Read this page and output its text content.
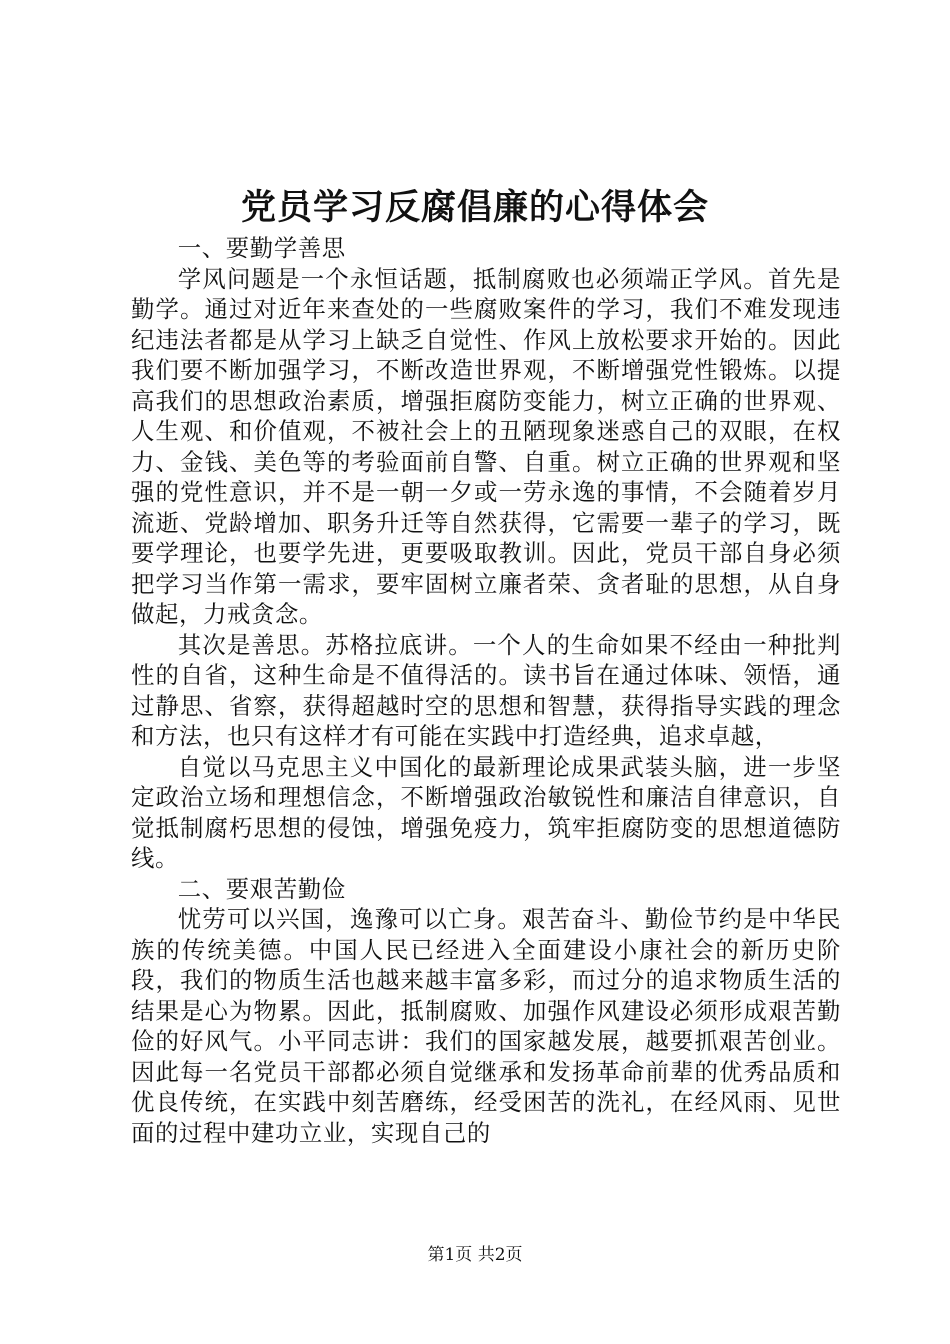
党员学习反腐倡廉的心得体会

一、要勤学善思

学风问题是一个永恒话题，抵制腐败也必须端正学风。首先是勤学。通过对近年来查处的一些腐败案件的学习，我们不难发现违纪违法者都是从学习上缺乏自觉性、作风上放松要求开始的。因此我们要不断加强学习，不断改造世界观，不断增强党性锻炼。以提高我们的思想政治素质，增强拒腐防变能力，树立正确的世界观、人生观、和价值观，不被社会上的丑陋现象迷惑自己的双眼，在权力、金钱、美色等的考验面前自警、自重。树立正确的世界观和坚强的党性意识，并不是一朝一夕或一劳永逸的事情，不会随着岁月流逝、党龄增加、职务升迁等自然获得，它需要一辈子的学习，既要学理论，也要学先进，更要吸取教训。因此，党员干部自身必须把学习当作第一需求，要牢固树立廉者荣、贪者耻的思想，从自身做起，力戒贪念。

其次是善思。苏格拉底讲。一个人的生命如果不经由一种批判性的自省，这种生命是不值得活的。读书旨在通过体味、领悟，通过静思、省察，获得超越时空的思想和智慧，获得指导实践的理念和方法，也只有这样才有可能在实践中打造经典，追求卓越，

自觉以马克思主义中国化的最新理论成果武装头脑，进一步坚定政治立场和理想信念，不断增强政治敏锐性和廉洁自律意识，自觉抵制腐朽思想的侵蚀，增强免疫力，筑牢拒腐防变的思想道德防线。

二、要艰苦勤俭

忧劳可以兴国，逸豫可以亡身。艰苦奋斗、勤俭节约是中华民族的传统美德。中国人民已经进入全面建设小康社会的新历史阶段，我们的物质生活也越来越丰富多彩，而过分的追求物质生活的结果是心为物累。因此，抵制腐败、加强作风建设必须形成艰苦勤俭的好风气。小平同志讲：我们的国家越发展，越要抓艰苦创业。因此每一名党员干部都必须自觉继承和发扬革命前辈的优秀品质和优良传统，在实践中刻苦磨练，经受困苦的洗礼，在经风雨、见世面的过程中建功立业，实现自己的

第1页 共2页
